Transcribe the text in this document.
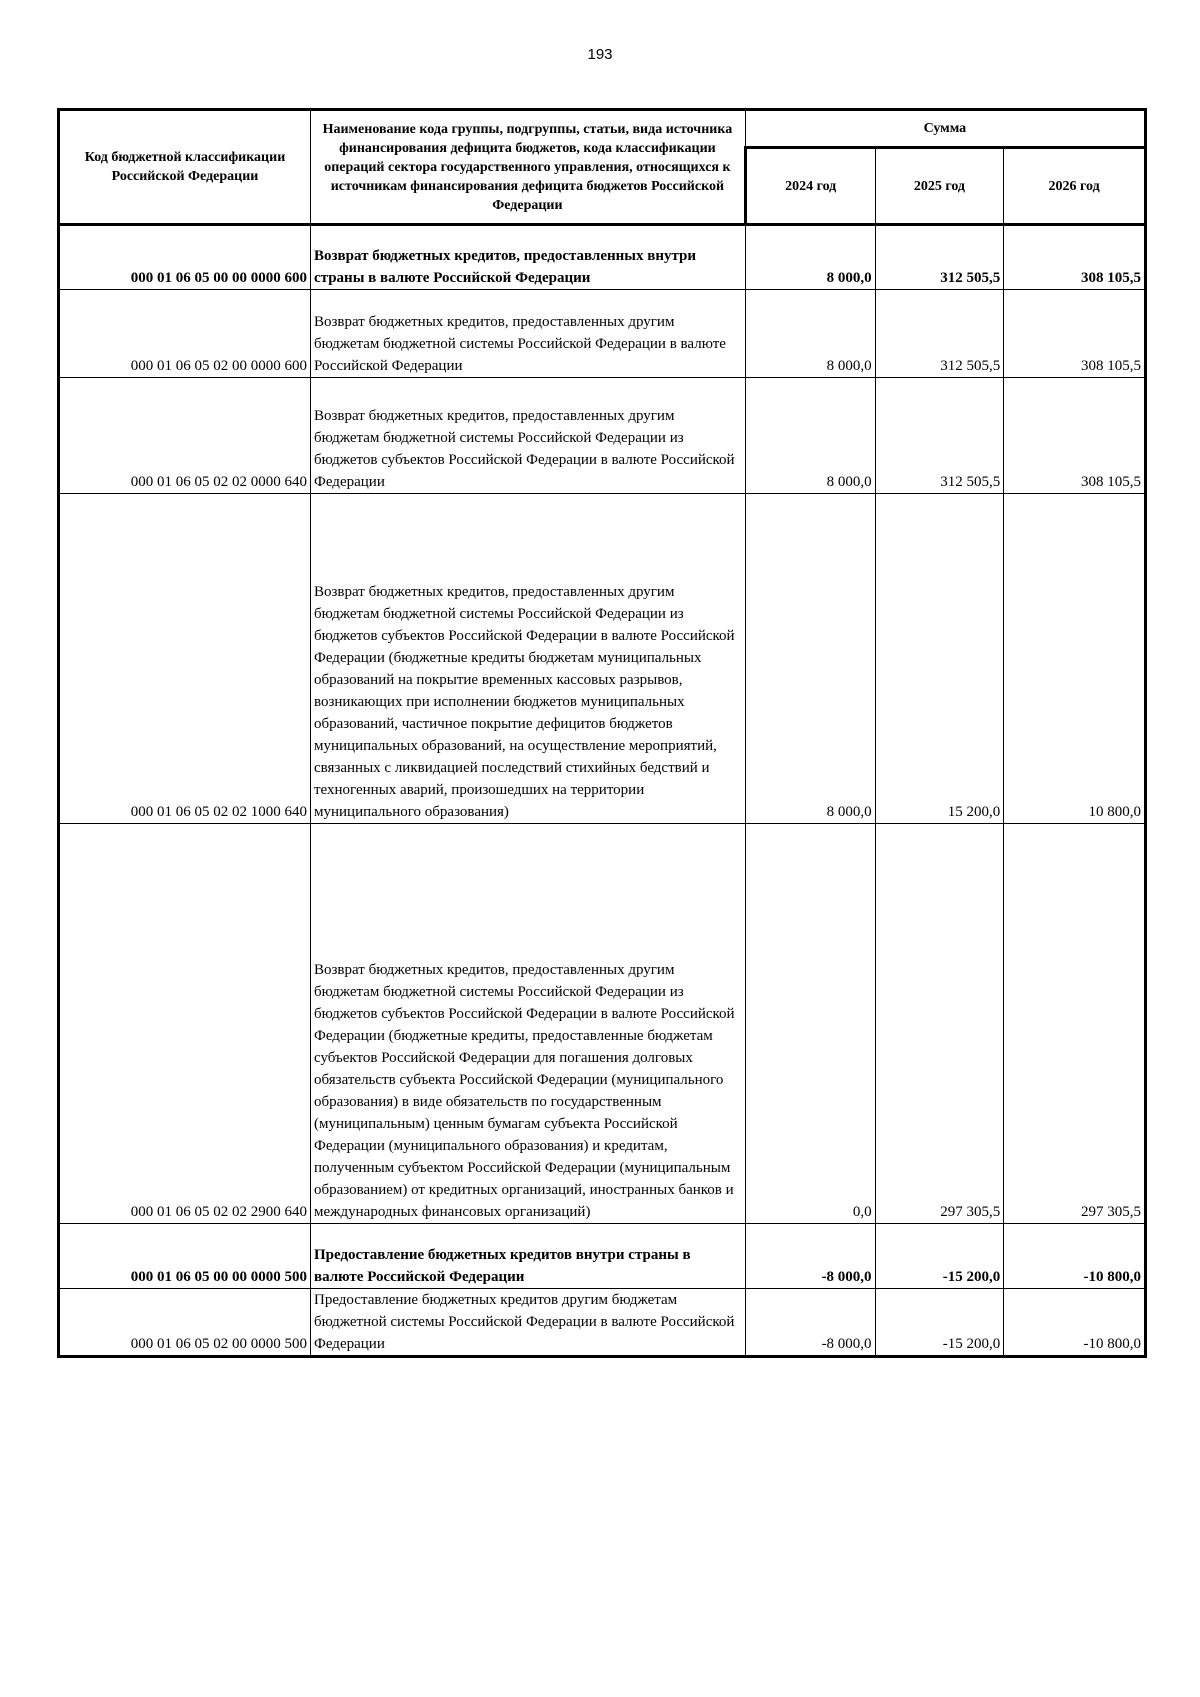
193
Код бюджетной классификации Российской Федерации	Наименование кода группы, подгруппы, статьи, вида источника финансирования дефицита бюджетов, кода классификации операций сектора государственного управления, относящихся к источникам финансирования дефицита бюджетов Российской Федерации	Сумма		
		2024 год	2025 год	2026 год
000 01 06 05 00 00 0000 600	Возврат бюджетных кредитов, предоставленных внутри страны в валюте Российской Федерации	8 000,0	312 505,5	308 105,5
000 01 06 05 02 00 0000 600	Возврат бюджетных кредитов, предоставленных другим бюджетам бюджетной системы Российской Федерации в валюте Российской Федерации	8 000,0	312 505,5	308 105,5
000 01 06 05 02 02 0000 640	Возврат бюджетных кредитов, предоставленных другим бюджетам бюджетной системы Российской Федерации из бюджетов субъектов Российской Федерации в валюте Российской Федерации	8 000,0	312 505,5	308 105,5
000 01 06 05 02 02 1000 640	Возврат бюджетных кредитов, предоставленных другим бюджетам бюджетной системы Российской Федерации из бюджетов субъектов Российской Федерации в валюте Российской Федерации (бюджетные кредиты бюджетам муниципальных образований на покрытие временных кассовых разрывов, возникающих при исполнении бюджетов муниципальных образований, частичное покрытие дефицитов бюджетов муниципальных образований, на осуществление мероприятий, связанных с ликвидацией последствий стихийных бедствий и техногенных аварий, произошедших на территории муниципального образования)	8 000,0	15 200,0	10 800,0
000 01 06 05 02 02 2900 640	Возврат бюджетных кредитов, предоставленных другим бюджетам бюджетной системы Российской Федерации из бюджетов субъектов Российской Федерации в валюте Российской Федерации (бюджетные кредиты, предоставленные бюджетам субъектов Российской Федерации для погашения долговых обязательств субъекта Российской Федерации (муниципального образования) в виде обязательств по государственным (муниципальным) ценным бумагам субъекта Российской Федерации (муниципального образования) и кредитам, полученным субъектом Российской Федерации (муниципальным образованием) от кредитных организаций, иностранных банков и международных финансовых организаций)	0,0	297 305,5	297 305,5
000 01 06 05 00 00 0000 500	Предоставление бюджетных кредитов внутри страны в валюте Российской Федерации	-8 000,0	-15 200,0	-10 800,0
000 01 06 05 02 00 0000 500	Предоставление бюджетных кредитов другим бюджетам бюджетной системы Российской Федерации в валюте Российской Федерации	-8 000,0	-15 200,0	-10 800,0
